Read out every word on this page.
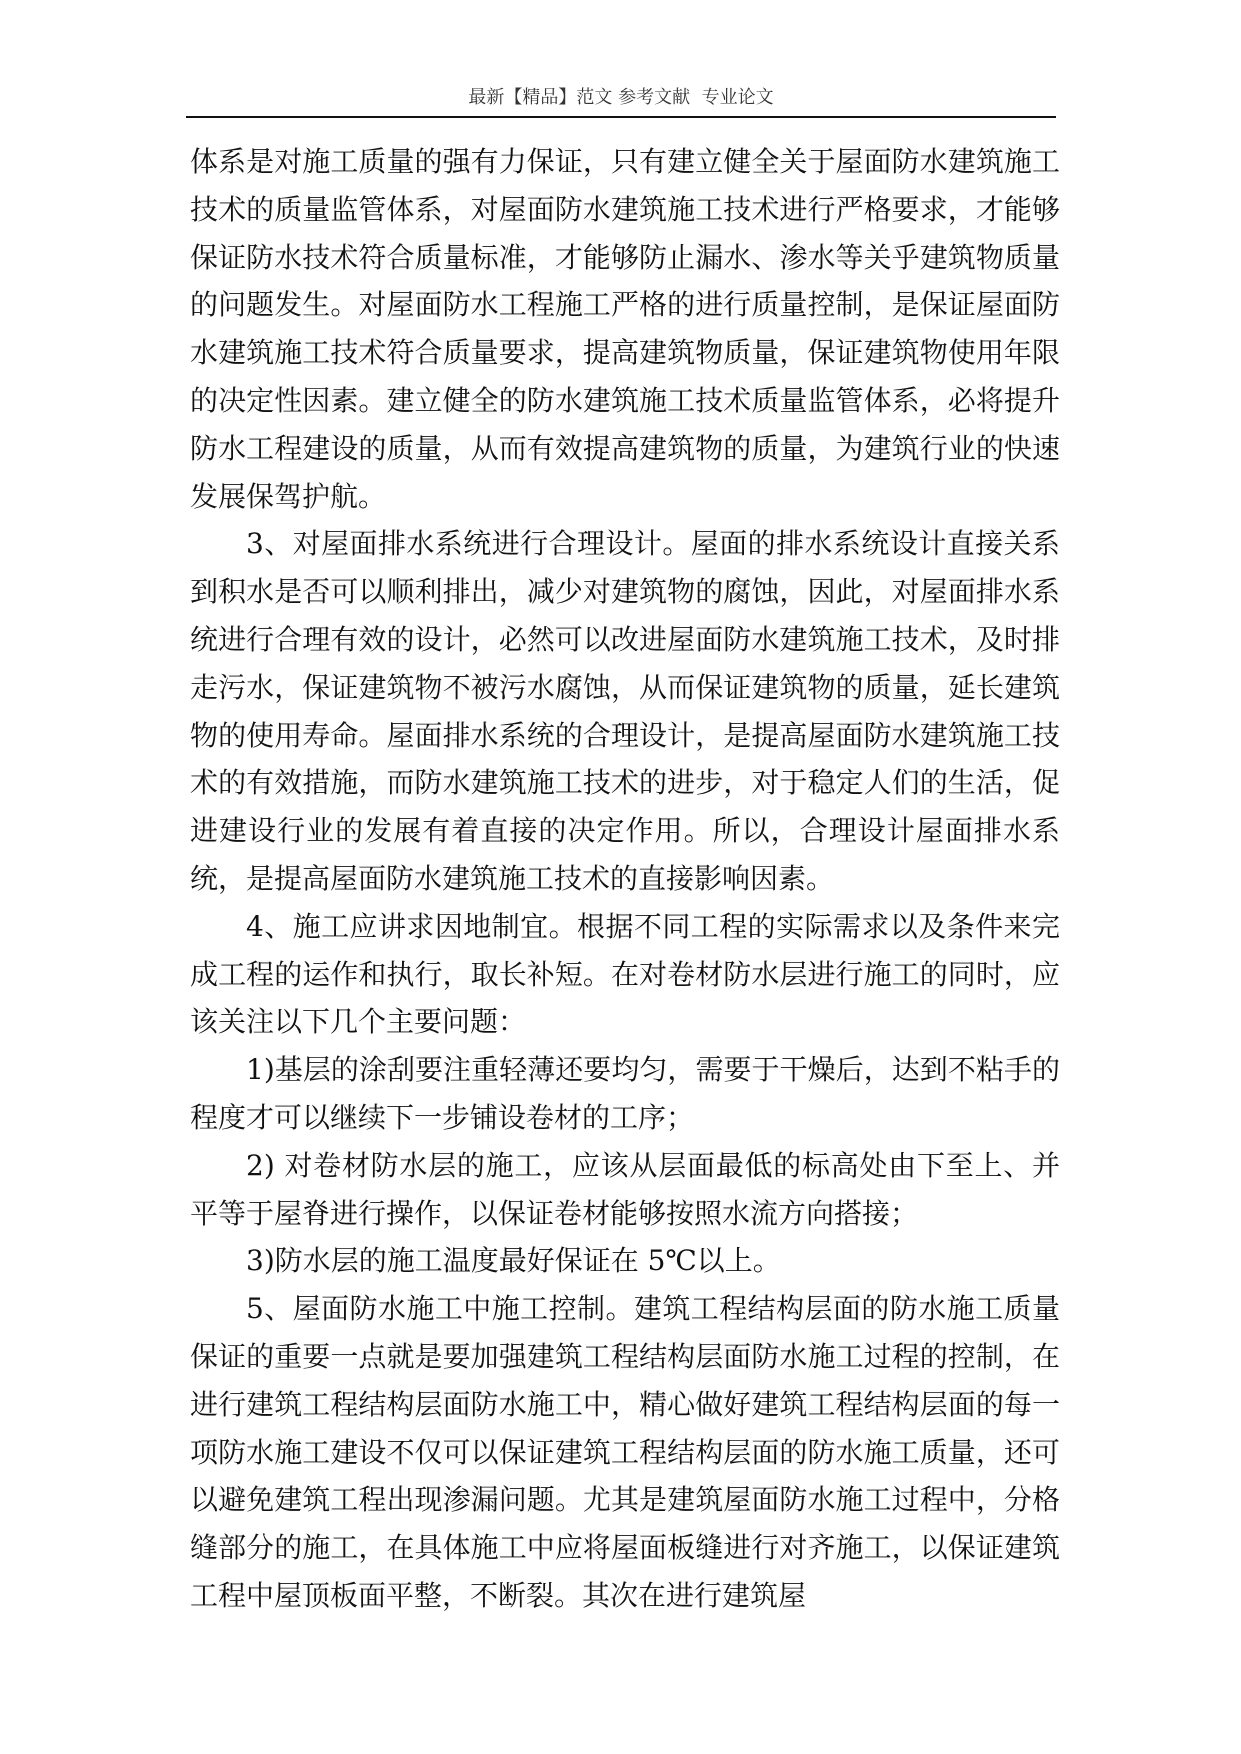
最新【精品】范文 参考文献  专业论文

体系是对施工质量的强有力保证，只有建立健全关于屋面防水建筑施工技术的质量监管体系，对屋面防水建筑施工技术进行严格要求，才能够保证防水技术符合质量标准，才能够防止漏水、渗水等关乎建筑物质量的问题发生。对屋面防水工程施工严格的进行质量控制，是保证屋面防水建筑施工技术符合质量要求，提高建筑物质量，保证建筑物使用年限的决定性因素。建立健全的防水建筑施工技术质量监管体系，必将提升防水工程建设的质量，从而有效提高建筑物的质量，为建筑行业的快速发展保驾护航。

3、对屋面排水系统进行合理设计。屋面的排水系统设计直接关系到积水是否可以顺利排出，减少对建筑物的腐蚀，因此，对屋面排水系统进行合理有效的设计，必然可以改进屋面防水建筑施工技术，及时排走污水，保证建筑物不被污水腐蚀，从而保证建筑物的质量，延长建筑物的使用寿命。屋面排水系统的合理设计，是提高屋面防水建筑施工技术的有效措施，而防水建筑施工技术的进步，对于稳定人们的生活，促进建设行业的发展有着直接的决定作用。所以，合理设计屋面排水系统，是提高屋面防水建筑施工技术的直接影响因素。

4、施工应讲求因地制宜。根据不同工程的实际需求以及条件来完成工程的运作和执行，取长补短。在对卷材防水层进行施工的同时，应该关注以下几个主要问题：

1)基层的涂刮要注重轻薄还要均匀，需要于干燥后，达到不粘手的程度才可以继续下一步铺设卷材的工序；

2) 对卷材防水层的施工，应该从层面最低的标高处由下至上、并平等于屋脊进行操作，以保证卷材能够按照水流方向搭接；

3)防水层的施工温度最好保证在 5℃以上。

5、屋面防水施工中施工控制。建筑工程结构层面的防水施工质量保证的重要一点就是要加强建筑工程结构层面防水施工过程的控制，在进行建筑工程结构层面防水施工中，精心做好建筑工程结构层面的每一项防水施工建设不仅可以保证建筑工程结构层面的防水施工质量，还可以避免建筑工程出现渗漏问题。尤其是建筑屋面防水施工过程中，分格缝部分的施工，在具体施工中应将屋面板缝进行对齐施工，以保证建筑工程中屋顶板面平整，不断裂。其次在进行建筑屋
